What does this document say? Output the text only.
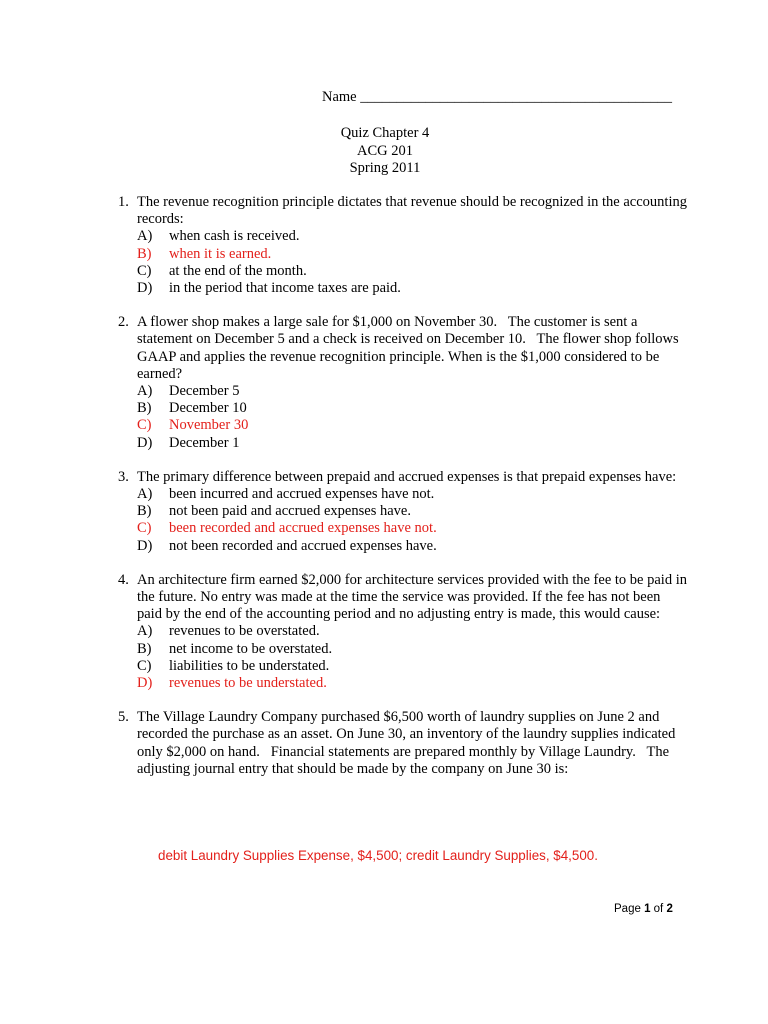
Name ___________________________________________
Quiz Chapter 4
ACG 201
Spring 2011
1. The revenue recognition principle dictates that revenue should be recognized in the accounting records:
A) when cash is received.
B) when it is earned.
C) at the end of the month.
D) in the period that income taxes are paid.
2. A flower shop makes a large sale for $1,000 on November 30.   The customer is sent a statement on December 5 and a check is received on December 10.   The flower shop follows GAAP and applies the revenue recognition principle. When is the $1,000 considered to be earned?
A) December 5
B) December 10
C) November 30
D) December 1
3. The primary difference between prepaid and accrued expenses is that prepaid expenses have:
A) been incurred and accrued expenses have not.
B) not been paid and accrued expenses have.
C) been recorded and accrued expenses have not.
D) not been recorded and accrued expenses have.
4. An architecture firm earned $2,000 for architecture services provided with the fee to be paid in the future. No entry was made at the time the service was provided. If the fee has not been paid by the end of the accounting period and no adjusting entry is made, this would cause:
A) revenues to be overstated.
B) net income to be overstated.
C) liabilities to be understated.
D) revenues to be understated.
5. The Village Laundry Company purchased $6,500 worth of laundry supplies on June 2 and recorded the purchase as an asset. On June 30, an inventory of the laundry supplies indicated only $2,000 on hand.   Financial statements are prepared monthly by Village Laundry.   The adjusting journal entry that should be made by the company on June 30 is:
debit Laundry Supplies Expense, $4,500; credit Laundry Supplies, $4,500.
Page 1 of 2
